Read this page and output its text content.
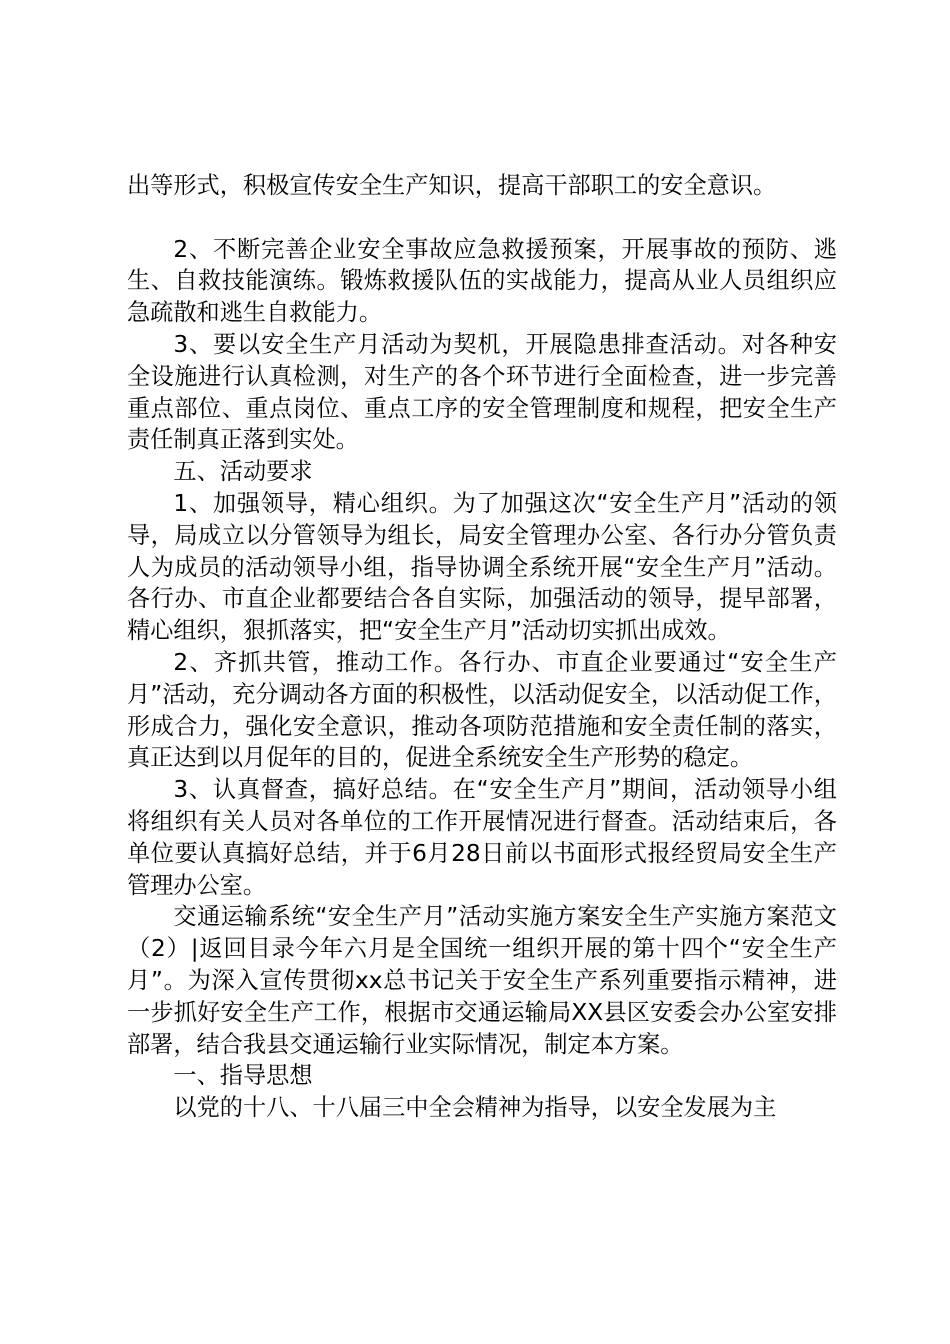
出等形式，积极宣传安全生产知识，提高干部职工的安全意识。

2、不断完善企业安全事故应急救援预案，开展事故的预防、逃生、自救技能演练。锻炼救援队伍的实战能力，提高从业人员组织应急疏散和逃生自救能力。

3、要以安全生产月活动为契机，开展隐患排查活动。对各种安全设施进行认真检测，对生产的各个环节进行全面检查，进一步完善重点部位、重点岗位、重点工序的安全管理制度和规程，把安全生产责任制真正落到实处。

五、活动要求

1、加强领导，精心组织。为了加强这次“安全生产月”活动的领导，局成立以分管领导为组长，局安全管理办公室、各行办分管负责人为成员的活动领导小组，指导协调全系统开展“安全生产月”活动。各行办、市直企业都要结合各自实际，加强活动的领导，提早部署，精心组织，狠抓落实，把“安全生产月”活动切实抓出成效。

2、齐抓共管，推动工作。各行办、市直企业要通过“安全生产月”活动，充分调动各方面的积极性，以活动促安全，以活动促工作，形成合力，强化安全意识，推动各项防范措施和安全责任制的落实，真正达到以月促年的目的，促进全系统安全生产形势的稳定。

3、认真督查，搞好总结。在“安全生产月”期间，活动领导小组将组织有关人员对各单位的工作开展情况进行督查。活动结束后，各单位要认真搞好总结，并于6月28日前以书面形式报经贸局安全生产管理办公室。

交通运输系统“安全生产月”活动实施方案安全生产实施方案范文（2）|返回目录今年六月是全国统一组织开展的第十四个“安全生产月”。为深入宣传贯彻xx总书记关于安全生产系列重要指示精神，进一步抓好安全生产工作，根据市交通运输局XX县区安委会办公室安排部署，结合我县交通运输行业实际情况，制定本方案。

一、指导思想

以党的十八、十八届三中全会精神为指导，以安全发展为主
